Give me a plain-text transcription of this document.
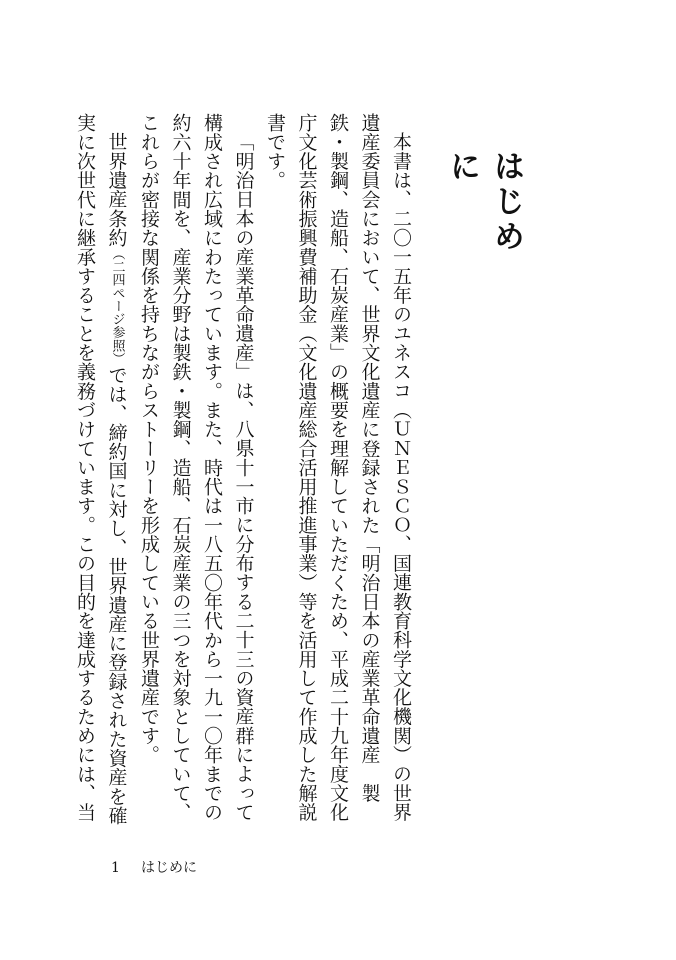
はじめに

本書は、二〇一五年のユネスコ（ＵＮＥＳＣＯ、国連教育科学文化機関）の世界遺産委員会において、世界文化遺産に登録された「明治日本の産業革命遺産　製鉄・製鋼、造船、石炭産業」の概要を理解していただくため、平成二十九年度文化庁文化芸術振興費補助金（文化遺産総合活用推進事業）等を活用して作成した解説書です。

「明治日本の産業革命遺産」は、八県十一市に分布する二十三の資産群によって構成され広域にわたっています。また、時代は一八五〇年代から一九一〇年までの約六十年間を、産業分野は製鉄・製鋼、造船、石炭産業の三つを対象としていて、これらが密接な関係を持ちながらストーリーを形成している世界遺産です。

世界遺産条約（二四ページ参照）では、締約国に対し、世界遺産に登録された資産を確実に次世代に継承することを義務づけています。この目的を達成するためには、当

1 はじめに
